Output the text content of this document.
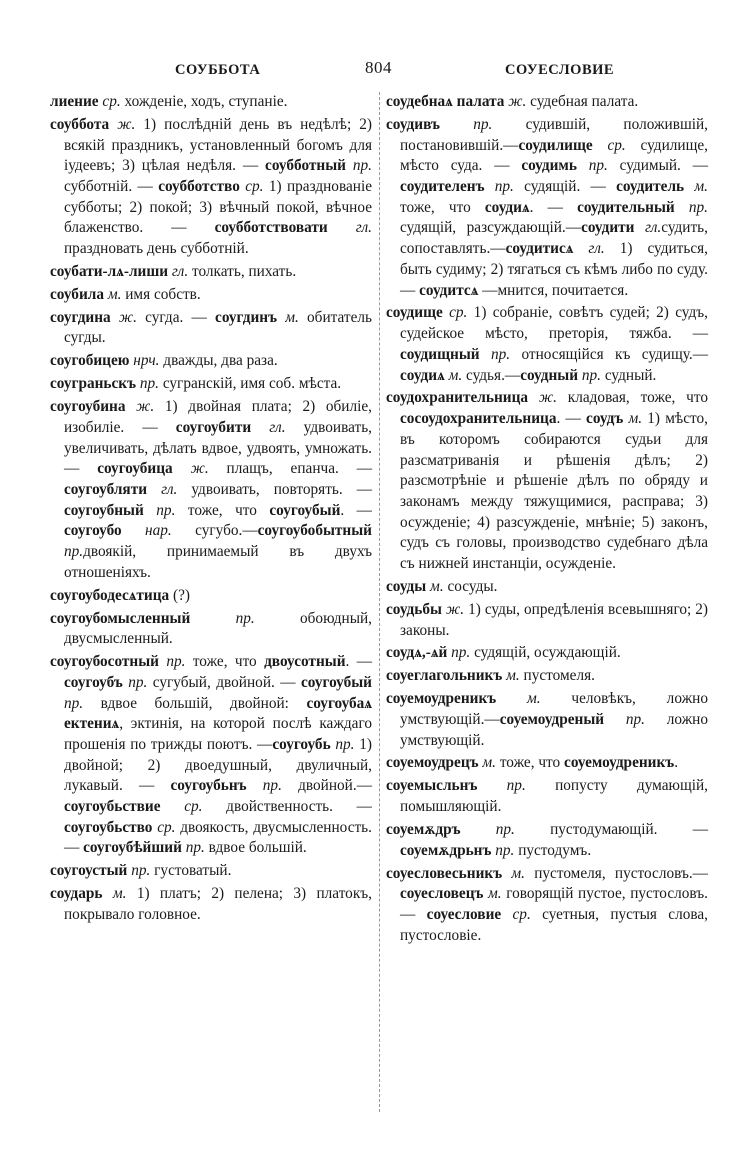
СОУББОТА	804	СОУЕСЛОВИЕ

лиение ср. хожденіе, ходъ, ступаніе.

соуббота ж. 1) послѣдній день въ недѣлѣ; 2) всякій праздникъ, установленный богомъ для іудеевъ; 3) цѣлая недѣля. — соубботный пр. субботній. — соубботство ср. 1) празднованіе субботы; 2) покой; 3) вѣчный покой, вѣчное блаженство. — соубботствовати гл. праздновать день субботній.

соубати-лѧ-лиши гл. толкать, пихать.

соубила м. имя собств.

соугдина ж. сугда. — соугдинъ м. обитатель сугды.

соугобицею нрч. дважды, два раза.

соуграньскъ пр. сугранскій, имя соб. мѣста.

соугоубина ж. 1) двойная плата; 2) обиліе, изобиліе. — соугоубити гл. удвоивать, увеличивать, дѣлать вдвое, удвоять, умножать. — соугоубица ж. плащъ, епанча. — соугоубляти гл. удвоивать, повторять. —соугоубный пр. тоже, что соугоубый. — соугоубо нар. сугубо.—соугоубобытный пр.двоякій, принимаемый въ двухъ отношеніяхъ.

соугоубодесѧтица (?)

соугоубомысленный пр. обоюдный, двусмысленный.

соугоубосотный пр. тоже, что двоусотный. — соугоубъ пр. сугубый, двойной. — соугоубый пр. вдвое большій, двойной: соугоубаѧ ектениѧ, эктинія, на которой послѣ каждаго прошенія по трижды поютъ. —соугоубь пр. 1) двойной; 2) двоедушный, двуличный, лукавый. — соугоубьнъ пр. двойной.—соугоубьствие ср. двойственность. — соугоубьство ср. двоякость, двусмысленность. — соугоубѣйший пр. вдвое большій.

соугоустый пр. густоватый.

соударь м. 1) платъ; 2) пелена; 3) платокъ, покрывало головное.

соудебнаѧ палата ж. судебная палата.

соудивъ пр. судившій, положившій, постановившій.—соудилище ср. судилище, мѣсто суда. — соудимь пр. судимый. — соудителенъ пр. судящій. — соудитель м. тоже, что соудиѧ. — соудительный пр. судящій, разсуждающій.—соудити гл.судить, сопоставлять.—соудитисѧ гл. 1) судиться, быть судиму; 2) тягаться съ кѣмъ либо по суду. — соудитсѧ —мнится, почитается.

соудище ср. 1) собраніе, совѣтъ судей; 2) судъ, судейское мѣсто, преторія, тяжба. — соудищный пр. относящійся къ судищу.—соудиѧ м. судья.—соудный пр. судный.

соудохранительница ж. кладовая, тоже, что сосоудохранительница. — соудъ м. 1) мѣсто, въ которомъ собираются судьи для разсматриванія и рѣшенія дѣлъ; 2) разсмотрѣніе и рѣшеніе дѣлъ по обряду и законамъ между тяжущимися, расправа; 3) осужденіе; 4) разсужденіе, мнѣніе; 5) законъ, судъ съ головы, производство судебнаго дѣла съ нижней инстанціи, осужденіе.

соуды м. сосуды.

соудьбы ж. 1) суды, опредѣленія всевышняго; 2) законы.

соудѧ,-ѧй пр. судящій, осуждающій.

соуеглагольникъ м. пустомеля.

соуемоудреникъ м. человѣкъ, ложно умствующій.—соуемоудреный пр. ложно умствующій.

соуемоудрецъ м. тоже, что соуемоудреникъ.

соуемысльнъ пр. попусту думающій, помышляющій.

соуемѫдръ пр. пустодумающій. — соуемѫдрьнъ пр. пустодумъ.

соуесловесьникъ м. пустомеля, пустословъ.—соуесловецъ м. говорящій пустое, пустословъ. — соуесловие ср. суетныя, пустыя слова, пустословіе.
